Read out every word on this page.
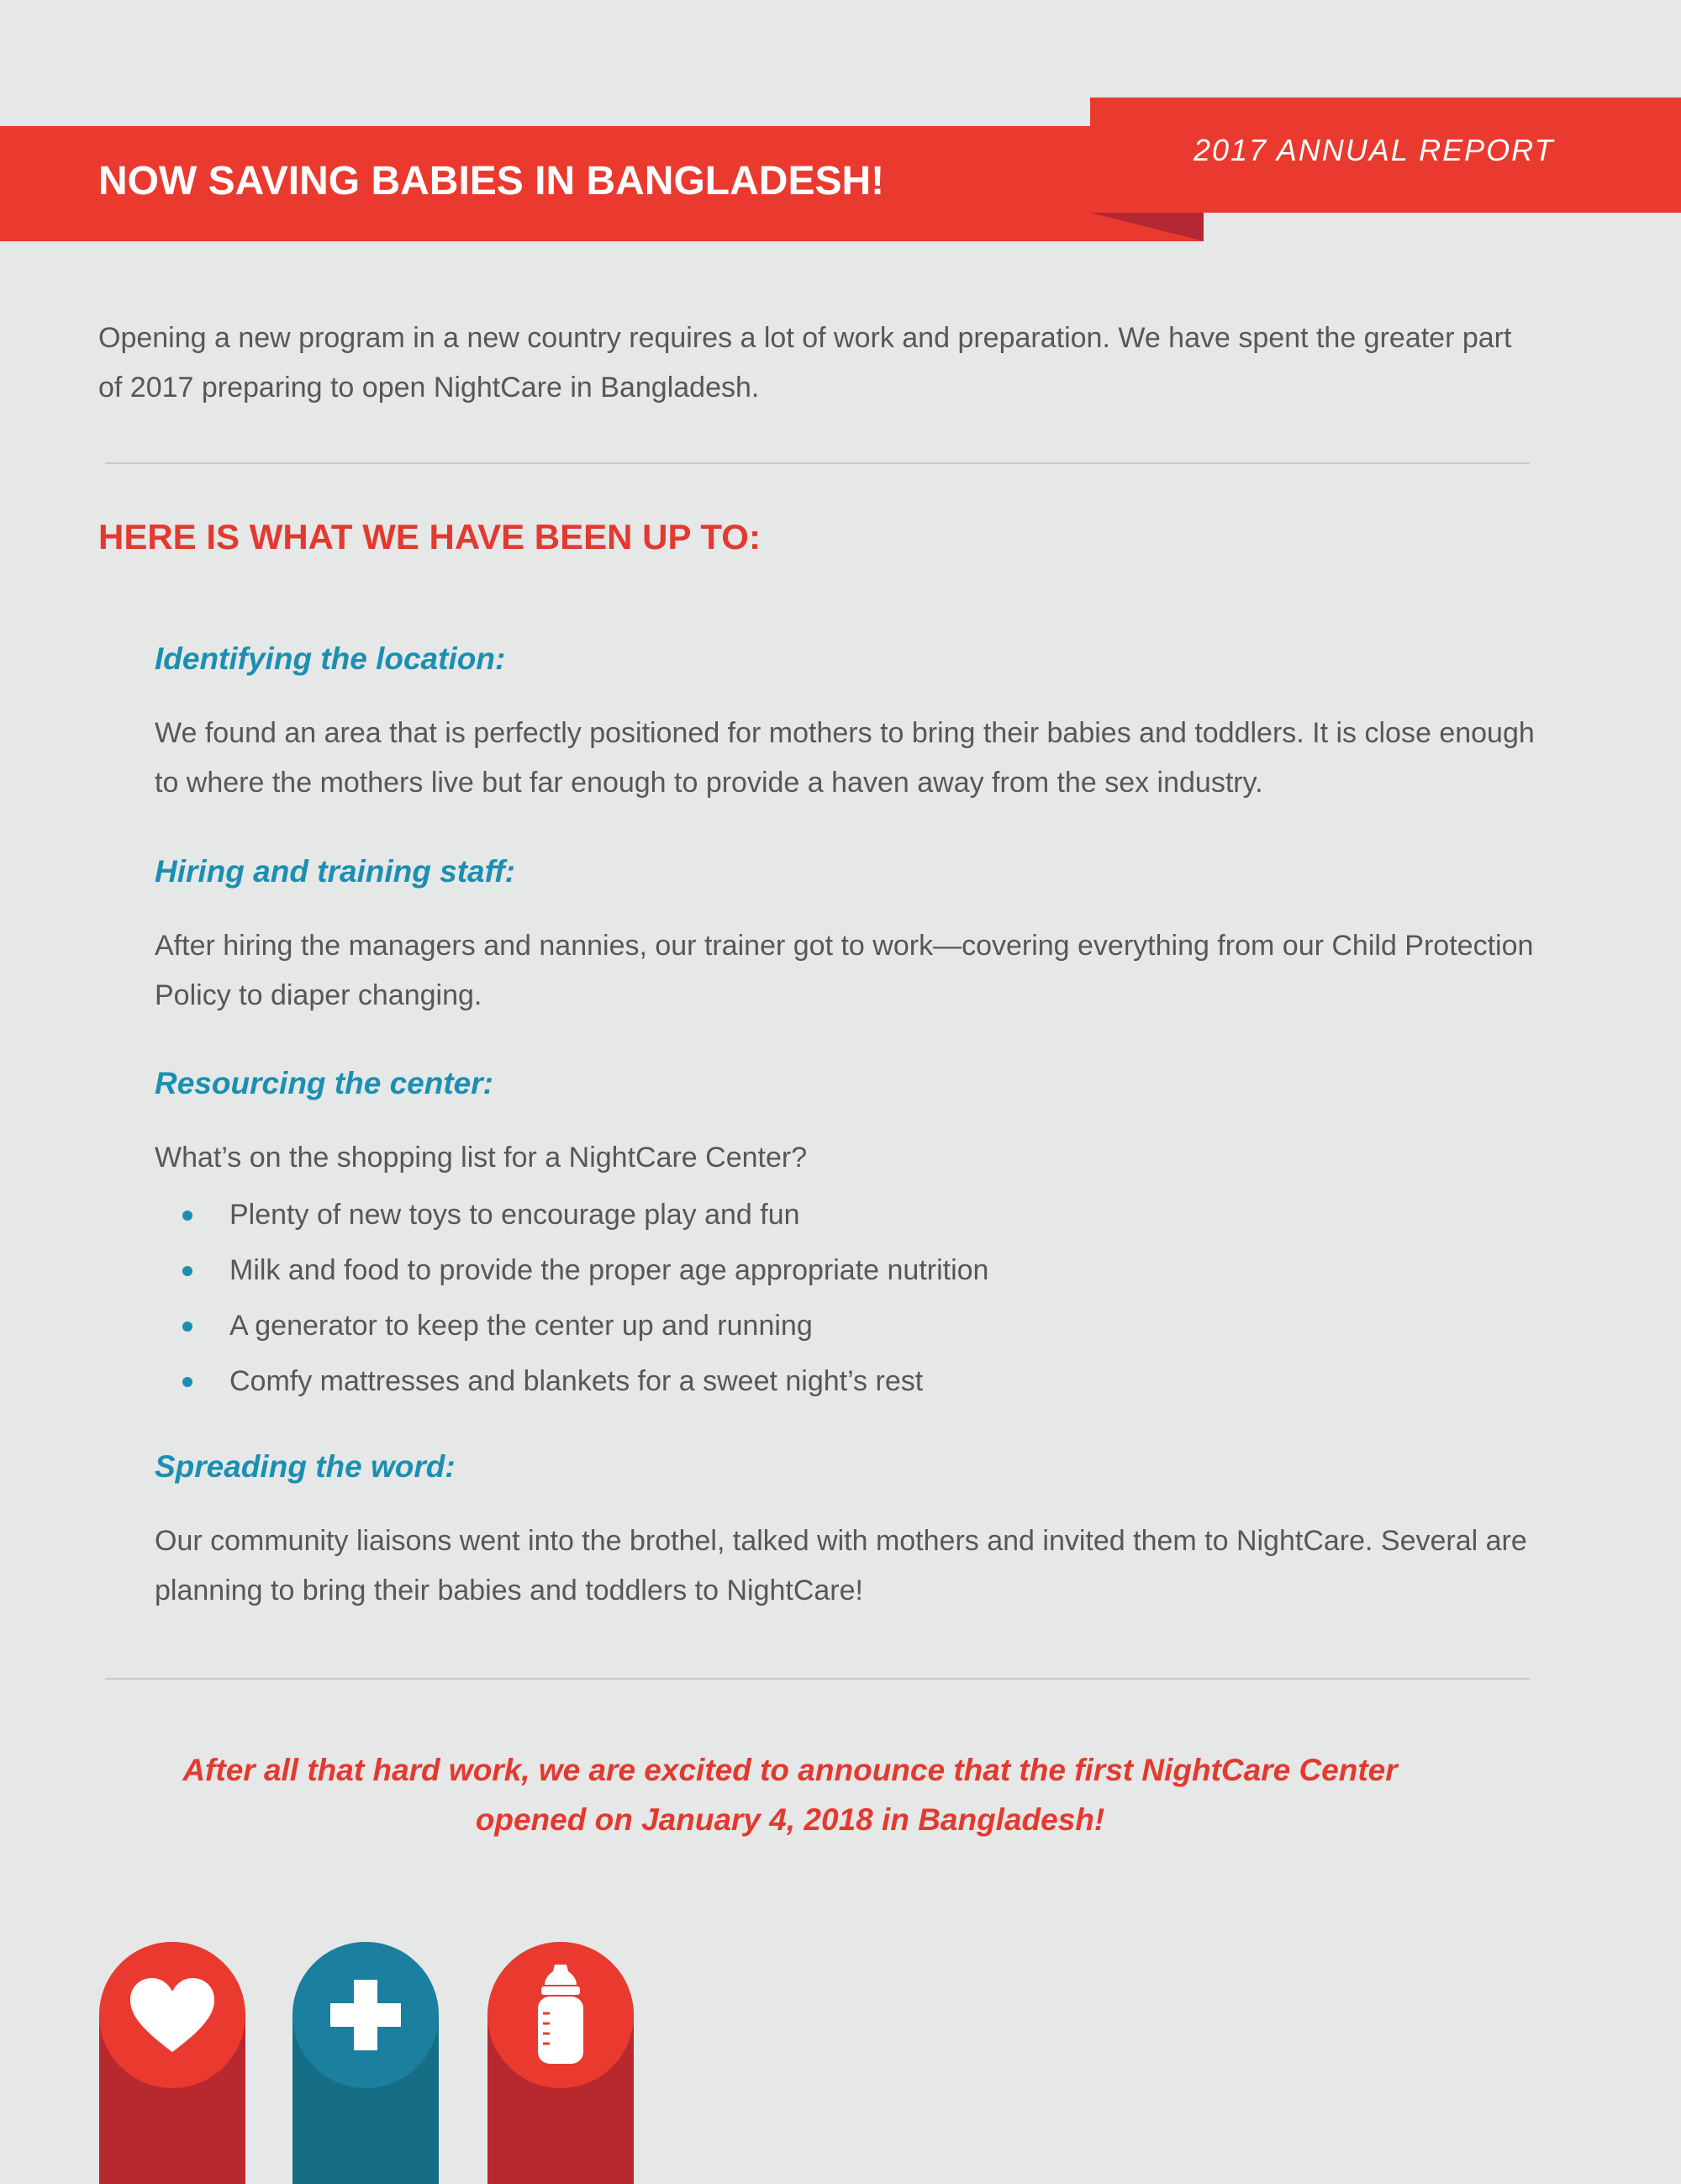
NOW SAVING BABIES IN BANGLADESH!
2017 ANNUAL REPORT

Opening a new program in a new country requires a lot of work and preparation. We have spent the greater part of 2017 preparing to open NightCare in Bangladesh.

HERE IS WHAT WE HAVE BEEN UP TO:
Identifying the location:

We found an area that is perfectly positioned for mothers to bring their babies and toddlers. It is close enough to where the mothers live but far enough to provide a haven away from the sex industry.

Hiring and training staff:

After hiring the managers and nannies, our trainer got to work—covering everything from our Child Protection Policy to diaper changing.

Resourcing the center:

What’s on the shopping list for a NightCare Center?

Plenty of new toys to encourage play and fun
Milk and food to provide the proper age appropriate nutrition
A generator to keep the center up and running
Comfy mattresses and blankets for a sweet night’s rest
Spreading the word:

Our community liaisons went into the brothel, talked with mothers and invited them to NightCare. Several are planning to bring their babies and toddlers to NightCare!

After all that hard work, we are excited to announce that the first NightCare Center
opened on January 4, 2018 in Bangladesh!
